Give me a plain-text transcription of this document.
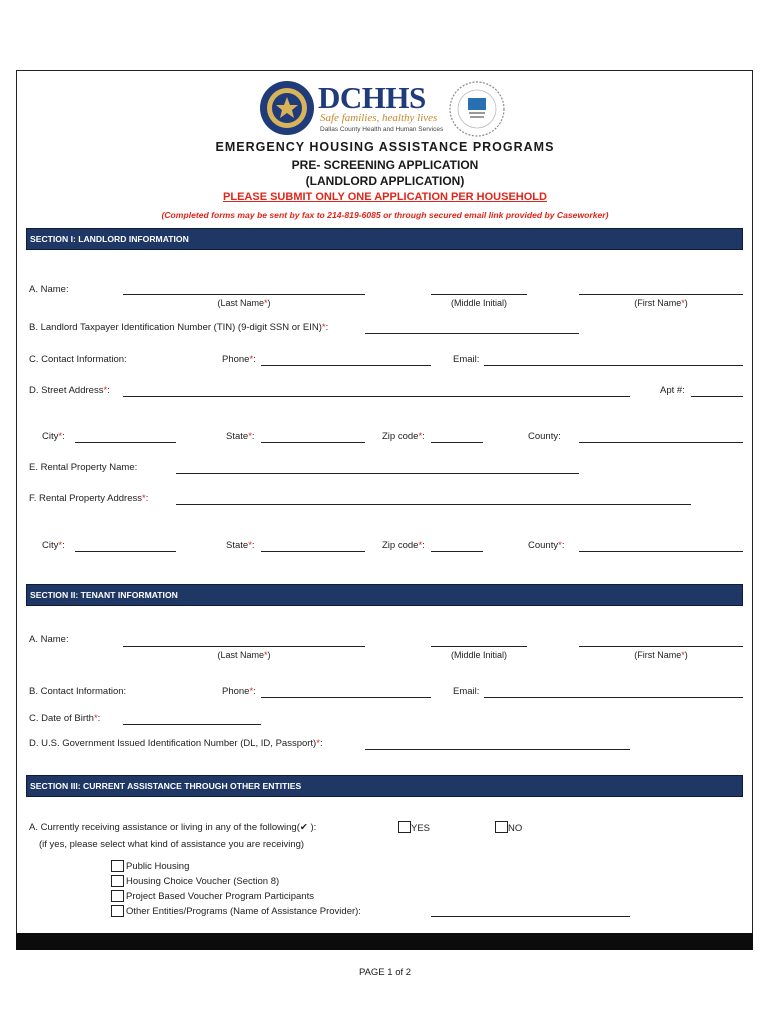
DCHHS
Safe families, healthy lives
Dallas County Health and Human Services
EMERGENCY HOUSING ASSISTANCE PROGRAMS
PRE- SCREENING APPLICATION
(LANDLORD APPLICATION)
PLEASE SUBMIT ONLY ONE APPLICATION PER HOUSEHOLD
(Completed forms may be sent by fax to 214-819-6085 or through secured email link provided by Caseworker)
SECTION I: LANDLORD INFORMATION
A. Name:
(Last Name*)	(Middle Initial)	(First Name*)
B. Landlord Taxpayer Identification Number (TIN) (9-digit SSN or EIN)*:
C. Contact Information:	Phone*:	Email:
D. Street Address*:	Apt #:
City*:	State*:	Zip code*:	County:
E. Rental Property Name:
F. Rental Property Address*:
City*:	State*:	Zip code*:	County*:
SECTION II: TENANT INFORMATION
A. Name:
(Last Name*)	(Middle Initial)	(First Name*)
B. Contact Information:	Phone*:	Email:
C. Date of Birth*:
D. U.S. Government Issued Identification Number (DL, ID, Passport)*:
SECTION III: CURRENT ASSISTANCE THROUGH OTHER ENTITIES
A. Currently receiving assistance or living in any of the following(✔ ):	YES	NO
(if yes, please select what kind of assistance you are receiving)
Public Housing
Housing Choice Voucher (Section 8)
Project Based Voucher Program Participants
Other Entities/Programs (Name of Assistance Provider):
PAGE 1 of 2
